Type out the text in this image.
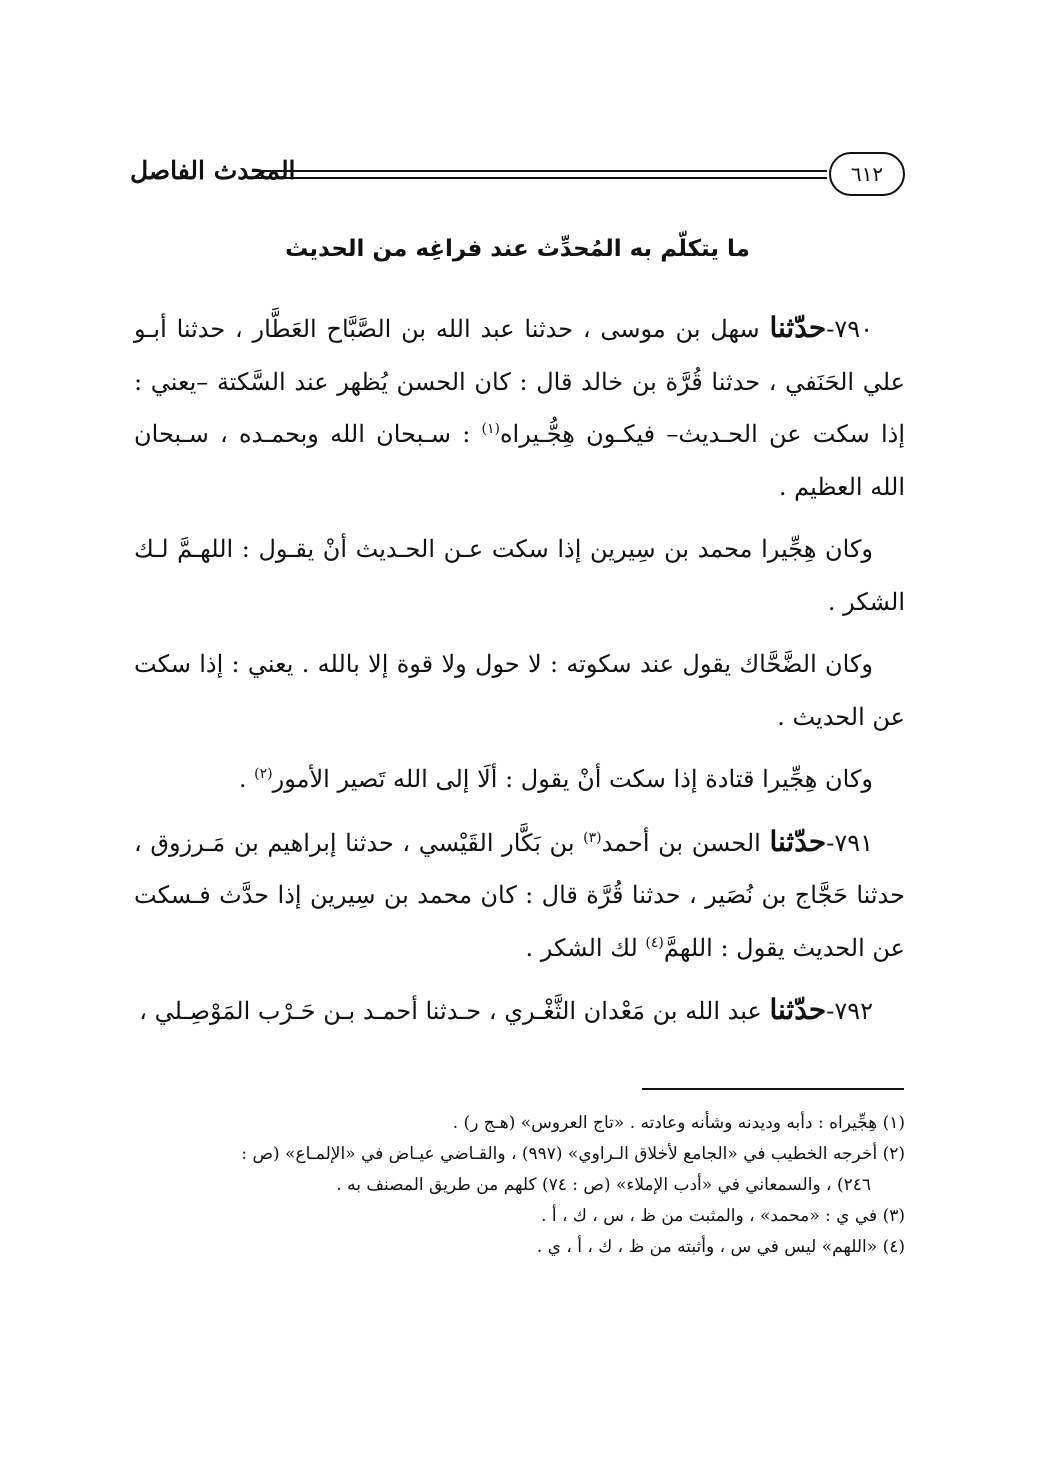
٦١٢
المحدث الفاصل
ما يتكلّم به المُحدِّث عند فراغِه من الحديث

٧٩٠-حدّثنا سهل بن موسى ، حدثنا عبد الله بن الصَّبَّاح العَطَّار ، حدثنا أبـو علي الحَنَفي ، حدثنا قُرَّة بن خالد قال : كان الحسن يُظهر عند السَّكتة –يعني : إذا سكت عن الحـديث– فيكـون هِجُّـيراه$^{(١)}$ : سـبحان الله وبحمـده ، سـبحان الله العظيم .

وكان هِجِّيرا محمد بن سِيرين إذا سكت عـن الحـديث أنْ يقـول : اللهـمَّ لـك الشكر .

وكان الضَّحَّاك يقول عند سكوته : لا حول ولا قوة إلا بالله . يعني : إذا سكت عن الحديث .

وكان هِجِّيرا قتادة إذا سكت أنْ يقول : ألَا إلى الله تَصير الأمور$^{(٢)}$ .

٧٩١-حدّثنا الحسن بن أحمد$^{(٣)}$ بن بَكَّار القَيْسي ، حدثنا إبراهيم بن مَـرزوق ، حدثنا حَجَّاج بن نُصَير ، حدثنا قُرَّة قال : كان محمد بن سِيرين إذا حدَّث فـسكت عن الحديث يقول : اللهمَّ$^{(٤)}$ لك الشكر .

٧٩٢-حدّثنا عبد الله بن مَعْدان الثَّغْـري ، حـدثنا أحمـد بـن حَـرْب المَوْصِـلي ،

(١) هِجِّيراه : دأبه وديدنه وشأنه وعادته . «تاج العروس» (هـج ر) .

(٢) أخرجه الخطيب في «الجامع لأخلاق الـراوي» (٩٩٧) ، والقـاضي عيـاض في «الإلمـاع» (ص :

٢٤٦) ، والسمعاني في «أدب الإملاء» (ص : ٧٤) كلهم من طريق المصنف به .

(٣) في ي : «محمد» ، والمثبت من ظ ، س ، ك ، أ .

(٤) «اللهم» ليس في س ، وأثبته من ظ ، ك ، أ ، ي .
